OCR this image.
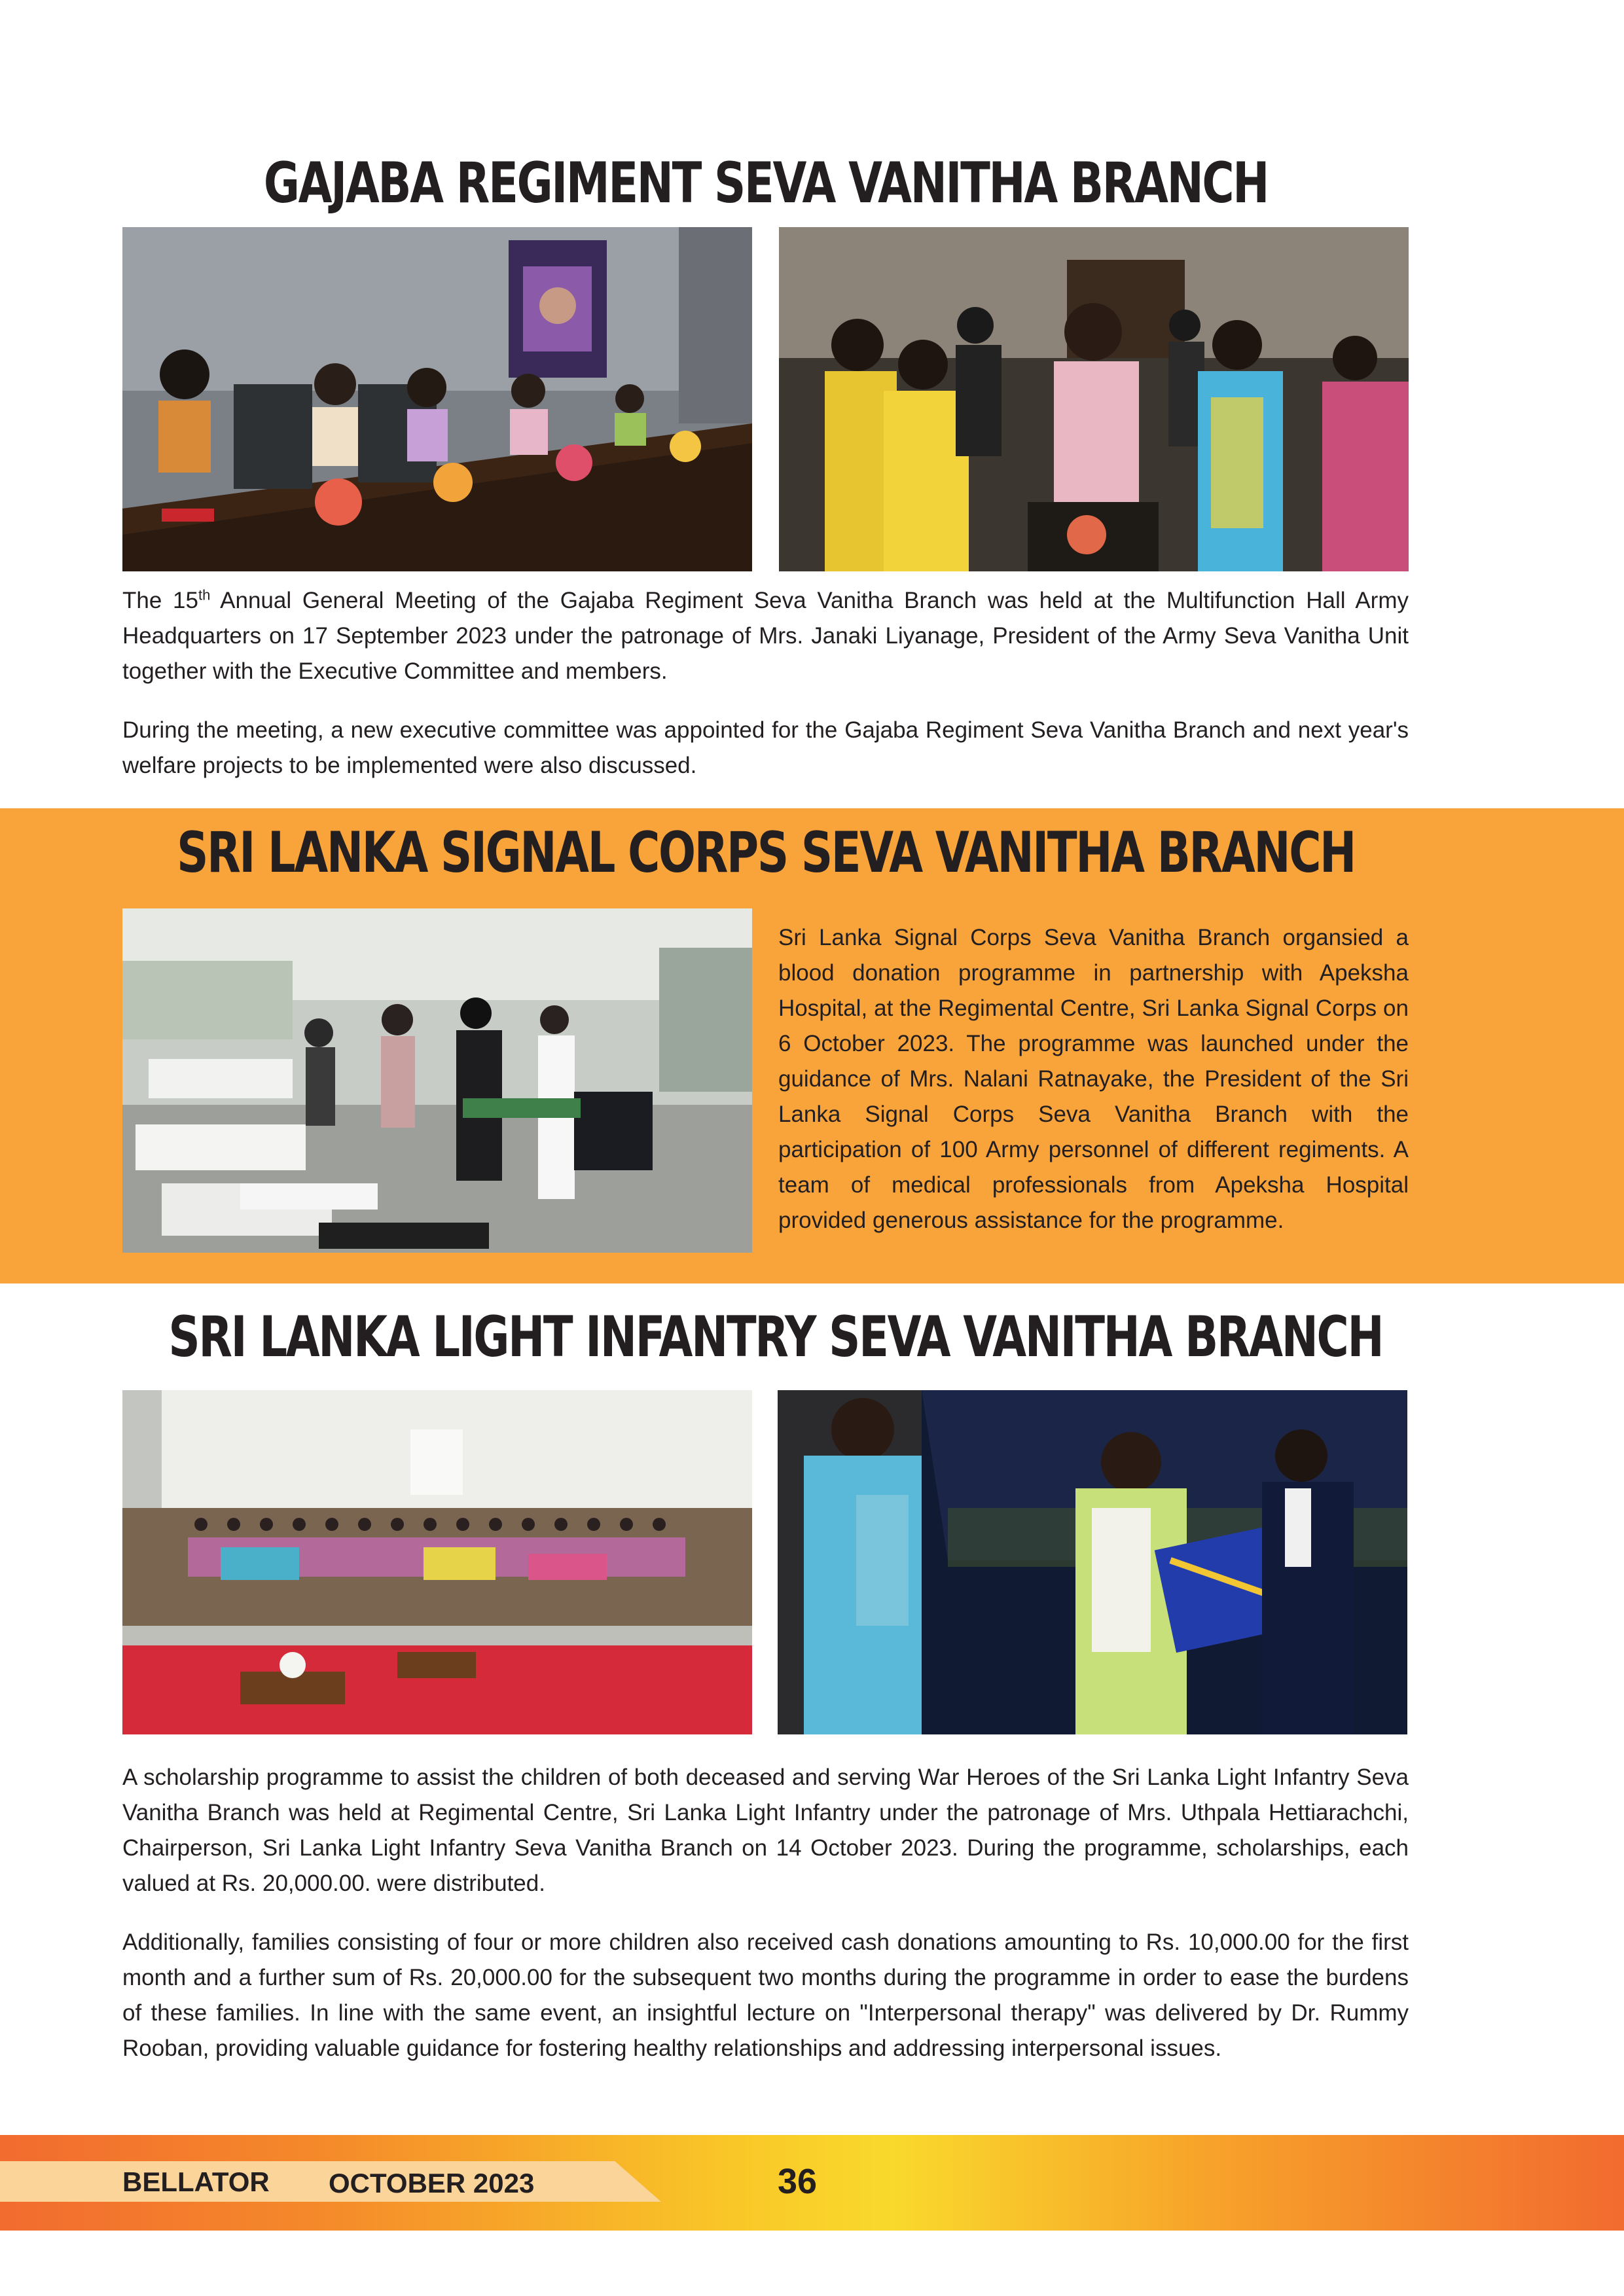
GAJABA REGIMENT SEVA VANITHA BRANCH

The 15th Annual General Meeting of the Gajaba Regiment Seva Vanitha Branch was held at the Multifunction Hall Army Headquarters on 17 September 2023 under the patronage of Mrs. Janaki Liyanage, President of the Army Seva Vanitha Unit together with the Executive Committee and members.

During the meeting, a new executive committee was appointed for the Gajaba Regiment Seva Vanitha Branch and next year's welfare projects to be implemented were also discussed.

SRI LANKA SIGNAL CORPS SEVA VANITHA BRANCH

Sri Lanka Signal Corps Seva Vanitha Branch organsied a blood donation programme in partnership with Apeksha Hospital, at the Regimental Centre, Sri Lanka Signal Corps on 6 October 2023. The programme was launched under the guidance of Mrs. Nalani Ratnayake, the President of the Sri Lanka Signal Corps Seva Vanitha Branch with the participation of 100 Army personnel of different regiments. A team of medical professionals from Apeksha Hospital provided generous assistance for the programme.

SRI LANKA LIGHT INFANTRY SEVA VANITHA BRANCH

A scholarship programme to assist the children of both deceased and serving War Heroes of the Sri Lanka Light Infantry Seva Vanitha Branch was held at Regimental Centre, Sri Lanka Light Infantry under the patronage of Mrs. Uthpala Hettiarachchi, Chairperson, Sri Lanka Light Infantry Seva Vanitha Branch on 14 October 2023. During the programme, scholarships, each valued at Rs. 20,000.00. were distributed.

Additionally, families consisting of four or more children also received cash donations amounting to Rs. 10,000.00 for the first month and a further sum of Rs. 20,000.00 for the subsequent two months during the programme in order to ease the burdens of these families. In line with the same event, an insightful lecture on "Interpersonal therapy" was delivered by Dr. Rummy Rooban, providing valuable guidance for fostering healthy relationships and addressing interpersonal issues.

BELLATOR OCTOBER 2023	36
